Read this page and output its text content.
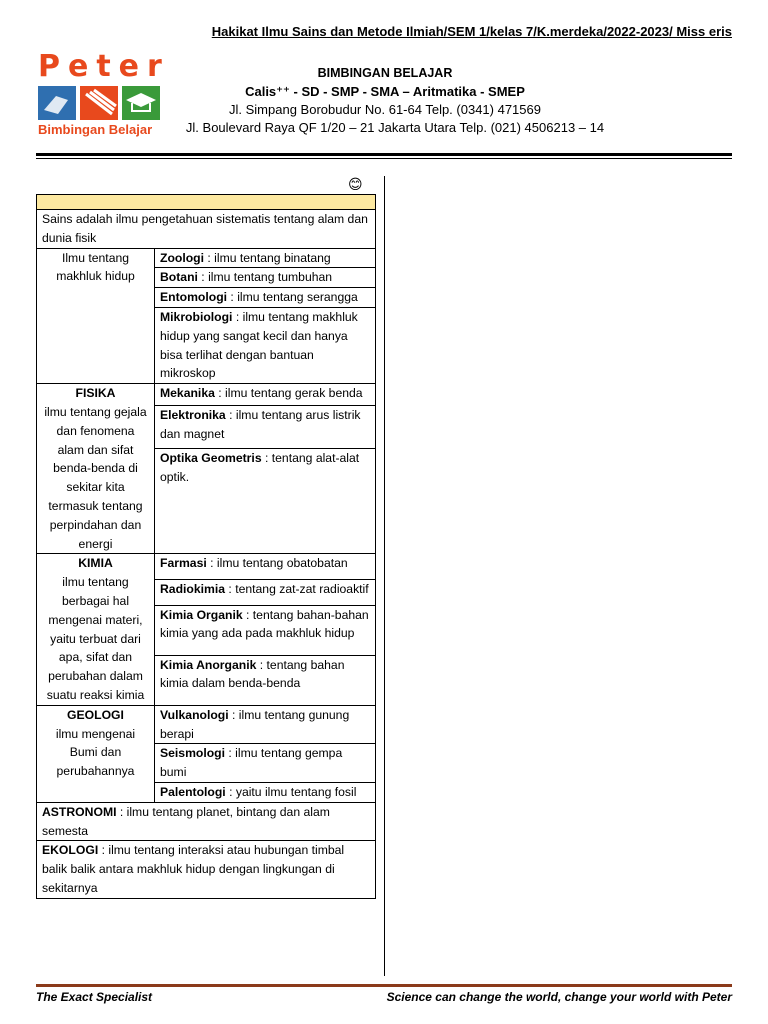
Hakikat Ilmu Sains dan Metode Ilmiah/SEM 1/kelas 7/K.merdeka/2022-2023/ Miss eris
Peter
Bimbingan Belajar
BIMBINGAN BELAJAR
Calis⁺⁺ - SD - SMP - SMA – Aritmatika - SMEP
Jl. Simpang Borobudur No. 61-64 Telp. (0341) 471569
Jl. Boulevard Raya QF 1/20 – 21 Jakarta Utara Telp. (021) 4506213 – 14
😊

Sains adalah ilmu pengetahuan sistematis tentang alam dan dunia fisik	
Ilmu tentang makhluk hidup	Zoologi : ilmu tentang binatang
	Botani : ilmu tentang tumbuhan
	Entomologi : ilmu tentang serangga
	Mikrobiologi : ilmu tentang makhluk hidup yang sangat kecil dan hanya bisa terlihat dengan bantuan mikroskop

FISIKA
ilmu tentang gejala dan fenomena alam dan sifat benda-benda di sekitar kita termasuk tentang perpindahan dan energi	Mekanika : ilmu tentang gerak benda
	Elektronika : ilmu tentang arus listrik dan magnet
	Optika Geometris : tentang alat-alat optik.

KIMIA
ilmu tentang berbagai hal mengenai materi, yaitu terbuat dari apa, sifat dan perubahan dalam suatu reaksi kimia	Farmasi : ilmu tentang obatobatan
	Radiokimia : tentang zat-zat radioaktif
	Kimia Organik : tentang bahan-bahan kimia yang ada pada makhluk hidup
	Kimia Anorganik : tentang bahan kimia dalam benda-benda

GEOLOGI
ilmu mengenai Bumi dan perubahannya	Vulkanologi : ilmu tentang gunung berapi
	Seismologi : ilmu tentang gempa bumi
	Palentologi : yaitu ilmu tentang fosil
ASTRONOMI : ilmu tentang planet, bintang dan alam semesta	
EKOLOGI : ilmu tentang interaksi atau hubungan timbal balik balik antara makhluk hidup dengan lingkungan di sekitarnya	
The Exact Specialist	Science can change the world, change your world with Peter
